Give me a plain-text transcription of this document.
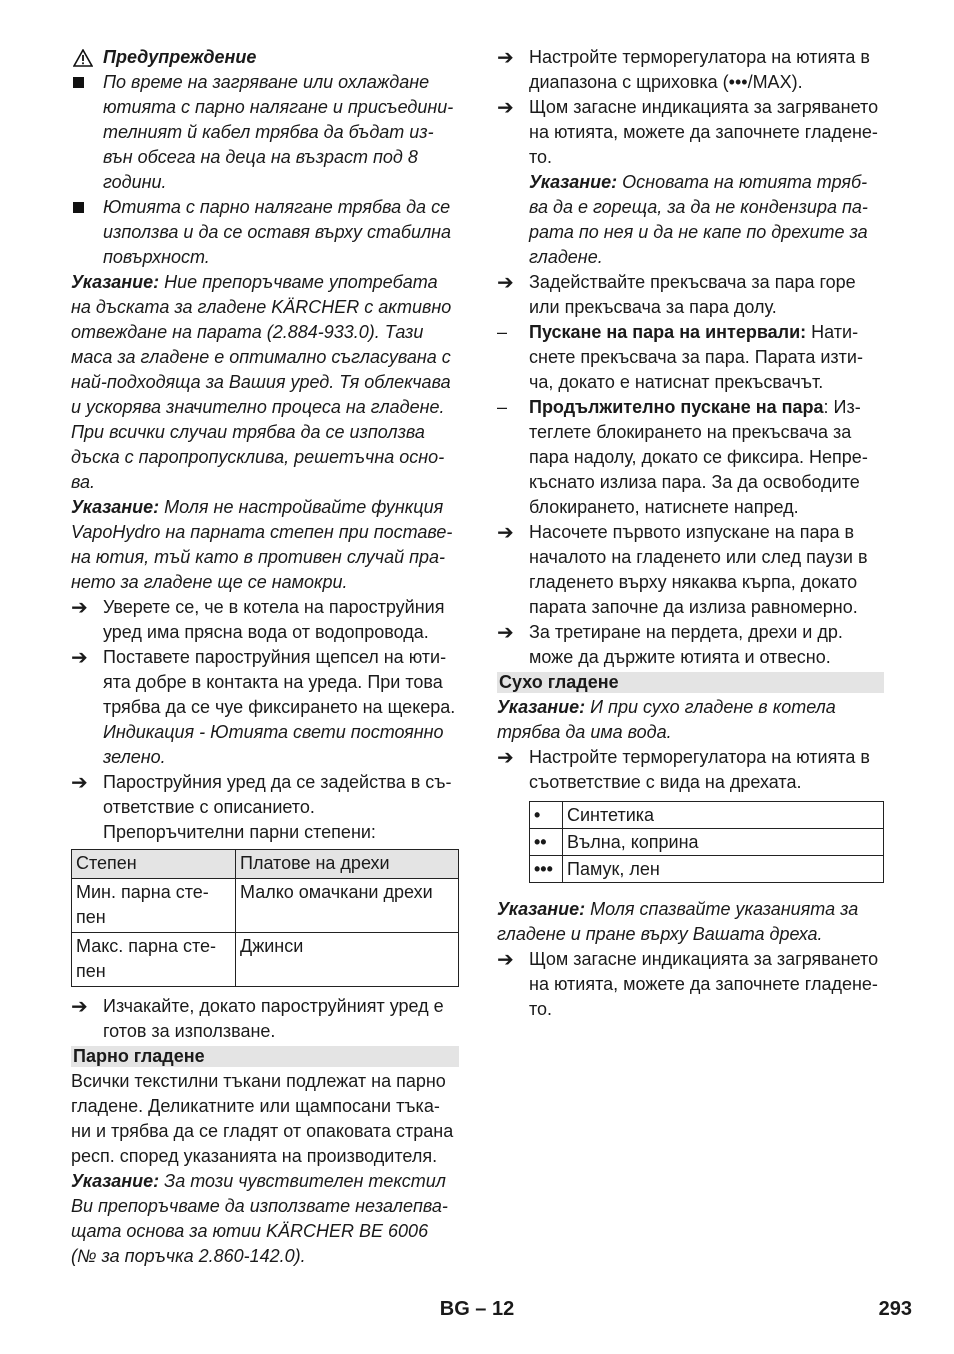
Предупреждение
По време на загряване или охлаждане
ютията с парно налягане и присъедини-
телният й кабел трябва да бъдат из-
вън обсега на деца на възраст под 8
години.
Ютията с парно налягане трябва да се
използва и да се оставя върху стабилна
повърхност.
Указание: Ние препоръчваме употребата
на дъската за гладене KÄRCHER с активно
отвеждане на парата (2.884-933.0). Тази
маса за гладене е оптимално съгласувана с
най-подходяща за Вашия уред. Тя облекчава
и ускорява значително процеса на гладене.
При всички случаи трябва да се използва
дъска с паропропусклива, решетъчна осно-
ва.
Указание: Моля не настройвайте функция
VapoHydro на парната степен при поставе-
на ютия, тъй като в противен случай пра-
нето за гладене ще се намокри.
➔ Уверете се, че в котела на пароструйния
уред има прясна вода от водопровода.
➔ Поставете пароструйния щепсел на юти-
ята добре в контакта на уреда. При това
трябва да се чуе фиксирането на щекера.
Индикация - Ютията свети постоянно
зелено.
➔ Пароструйния уред да се задейства в съ-
ответствие с описанието.
Препоръчителни парни степени:
Степен	Платове на дрехи

Мин. парна сте-
пен	Малко омачкани дрехи

Макс. парна сте-
пен	Джинси
➔ Изчакайте, докато пароструйният уред е
готов за използване.
Парно гладене
Всички текстилни тъкани подлежат на парно
гладене. Деликатните или щампосани тъка-
ни и трябва да се гладят от опаковата страна
респ. според указанията на производителя.
Указание: За този чувствителен текстил
Ви препоръчваме да използвате незалепва-
щата основа за ютии KÄRCHER BE 6006
(№ за поръчка 2.860-142.0).
➔ Настройте терморегулатора на ютията в
диапазона с щриховка (•••/MAX).
➔ Щом загасне индикацията за загряването
на ютията, можете да започнете гладене-
то.
Указание: Основата на ютията тряб-
ва да е гореща, за да не кондензира па-
рата по нея и да не капе по дрехите за
гладене.
➔ Задействайте прекъсвача за пара горе
или прекъсвача за пара долу.
–	Пускане на пара на интервали: Нати-
снете прекъсвача за пара. Парата изти-
ча, докато е натиснат прекъсвачът.
–	Продължително пускане на пара: Из-
теглете блокирането на прекъсвача за
пара надолу, докато се фиксира. Непре-
къснато излиза пара. За да освободите
блокирането, натиснете напред.
➔ Насочете първото изпускане на пара в
началото на гладенето или след паузи в
гладенето върху някаква кърпа, докато
парата започне да излиза равномерно.
➔ За третиране на пердета, дрехи и др.
може да държите ютията и отвесно.
Сухо гладене
Указание: И при сухо гладене в котела
трябва да има вода.
➔ Настройте терморегулатора на ютията в
съответствие с вида на дрехата.
•	Синтетика
••	Вълна, коприна
•••	Памук, лен
Указание: Моля спазвайте указанията за
гладене и пране върху Вашата дреха.
➔ Щом загасне индикацията за загряването
на ютията, можете да започнете гладене-
то.
BG – 12	293
